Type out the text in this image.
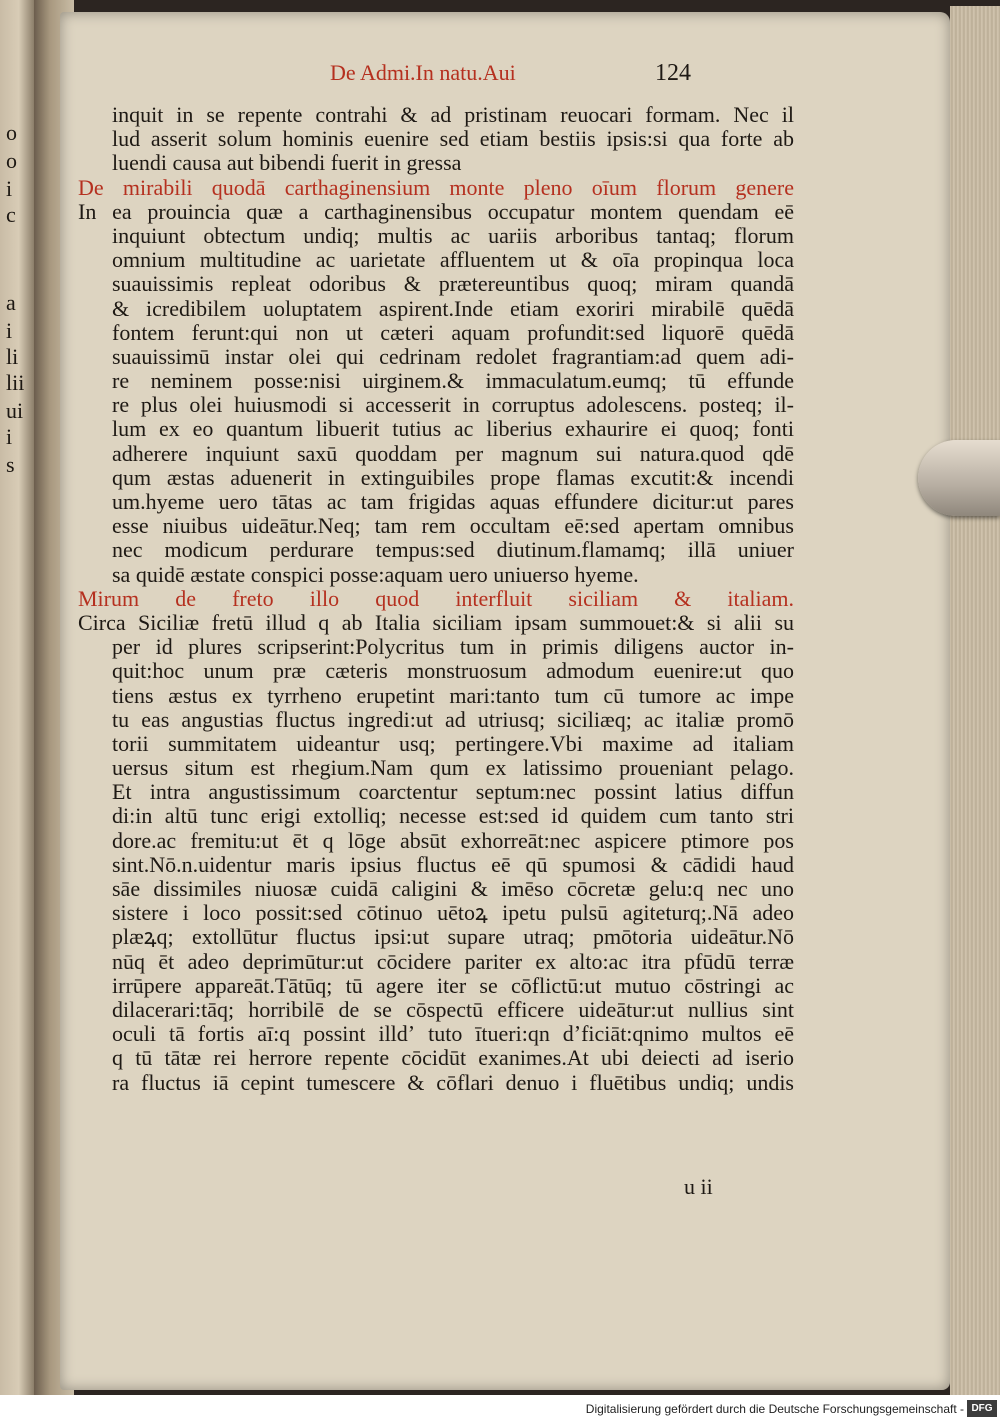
o
o
i
c
a
i
li
lii
ui
i
s
De Admi.In natu.Aui	124
inquit in se repente contrahi & ad pristinam reuocari formam. Nec il
lud asserit solum hominis euenire sed etiam bestiis ipsis:si qua forte ab
luendi causa aut bibendi fuerit in gressa
De mirabili quodā carthaginensium monte pleno oīum florum genere
In ea prouincia quæ a carthaginensibus occupatur montem quendam eē
inquiunt obtectum undiq; multis ac uariis arboribus tantaq; florum
omnium multitudine ac uarietate affluentem ut & oīa propinqua loca
suauissimis repleat odoribus & prætereuntibus quoq; miram quandā
& icredibilem uoluptatem aspirent.Inde etiam exoriri mirabilē quēdā
fontem ferunt:qui non ut cæteri aquam profundit:sed liquorē quēdā
suauissimū instar olei qui cedrinam redolet fragrantiam:ad quem adi-
re neminem posse:nisi uirginem.& immaculatum.eumq; tū effunde
re plus olei huiusmodi si accesserit in corruptus adolescens. posteq; il-
lum ex eo quantum libuerit tutius ac liberius exhaurire ei quoq; fonti
adherere inquiunt saxū quoddam per magnum sui natura.quod qdē
qum æstas aduenerit in extinguibiles prope flamas excutit:& incendi
um.hyeme uero tātas ac tam frigidas aquas effundere dicitur:ut pares
esse niuibus uideātur.Neq; tam rem occultam eē:sed apertam omnibus
nec modicum perdurare tempus:sed diutinum.flamamq; illā uniuer
sa quidē æstate conspici posse:aquam uero uniuerso hyeme.
Mirum de freto illo quod interfluit siciliam & italiam.
Circa Siciliæ fretū illud q ab Italia siciliam ipsam summouet:& si alii su
per id plures scripserint:Polycritus tum in primis diligens auctor in-
quit:hoc unum præ cæteris monstruosum admodum euenire:ut quo
tiens æstus ex tyrrheno erupetint mari:tanto tum cū tumore ac impe
tu eas angustias fluctus ingredi:ut ad utriusq; siciliæq; ac italiæ promō
torii summitatem uideantur usq; pertingere.Vbi maxime ad italiam
uersus situm est rhegium.Nam qum ex latissimo proueniant pelago.
Et intra angustissimum coarctentur septum:nec possint latius diffun
di:in altū tunc erigi extolliq; necesse est:sed id quidem cum tanto stri
dore.ac fremitu:ut ēt q lōge absūt exhorreāt:nec aspicere ptimore pos
sint.Nō.n.uidentur maris ipsius fluctus eē qū spumosi & cādidi haud
sāe dissimiles niuosæ cuidā caligini & imēso cōcretæ gelu:q nec uno
sistere i loco possit:sed cōtinuo uētoꝝ ipetu pulsū agiteturq;.Nā adeo
plæꝝq; extollūtur fluctus ipsi:ut supare utraq; pmōtoria uideātur.Nō
nūq ēt adeo deprimūtur:ut cōcidere pariter ex alto:ac itra pfūdū terræ
irrūpere appareāt.Tātūq; tū agere iter se cōflictū:ut mutuo cōstringi ac
dilacerari:tāq; horribilē de se cōspectū efficere uideātur:ut nullius sint
oculi tā fortis aī:q possint illdʼ tuto ītueri:qn dʼficiāt:qnimo multos eē
q tū tātæ rei herrore repente cōcidūt exanimes.At ubi deiecti ad iserio
ra fluctus iā cepint tumescere & cōflari denuo i fluētibus undiq; undis
u ii
Digitalisierung gefördert durch die Deutsche Forschungsgemeinschaft - DFG
